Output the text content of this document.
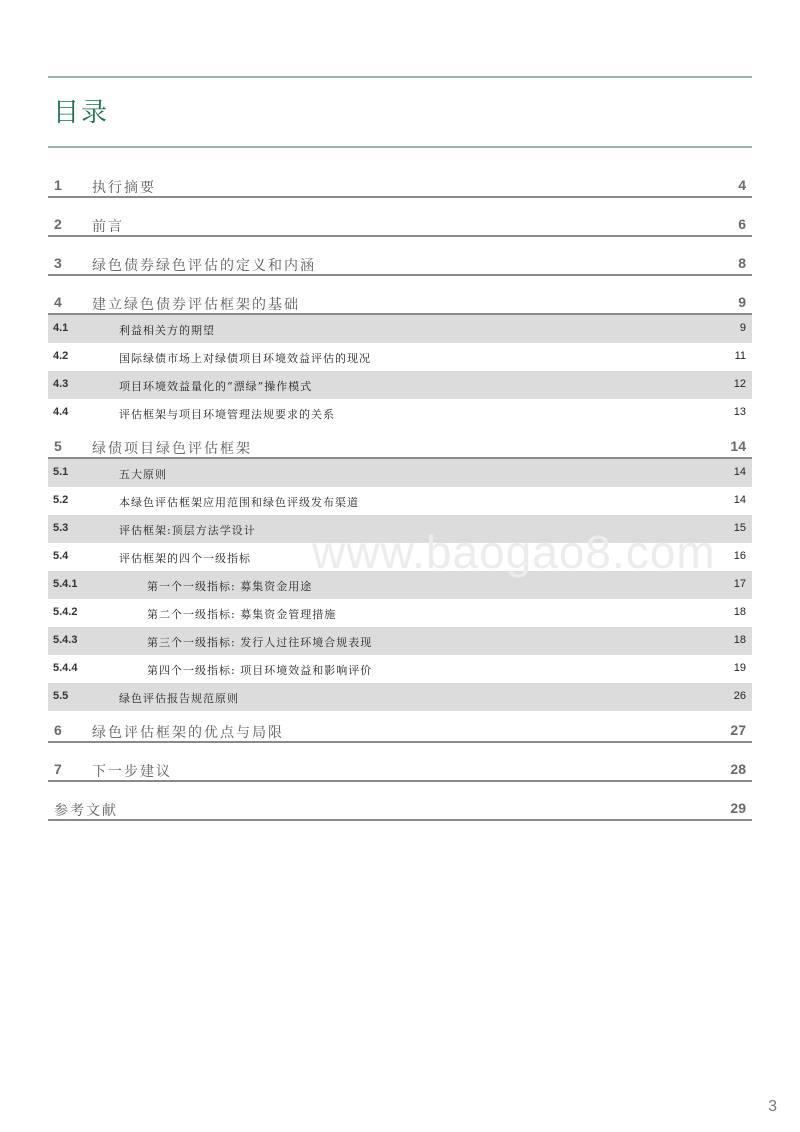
目录
1 执行摘要	4
2 前言	6
3 绿色债券绿色评估的定义和内涵	8
4 建立绿色债券评估框架的基础	9
4.1	利益相关方的期望	9
4.2	国际绿债市场上对绿债项目环境效益评估的现况	11
4.3	项目环境效益量化的“漂绿”操作模式	12
4.4	评估框架与项目环境管理法规要求的关系	13
5 绿债项目绿色评估框架	14
5.1	五大原则	14
5.2	本绿色评估框架应用范围和绿色评级发布渠道	14
5.3	评估框架:顶层方法学设计	15
5.4	评估框架的四个一级指标	16
5.4.1	第一个一级指标: 募集资金用途	17
5.4.2	第二个一级指标: 募集资金管理措施	18
5.4.3	第三个一级指标: 发行人过往环境合规表现	18
5.4.4	第四个一级指标: 项目环境效益和影响评价	19
5.5	绿色评估报告规范原则	26
6 绿色评估框架的优点与局限	27
7 下一步建议	28
参考文献	29
www.baogao8.com
3
